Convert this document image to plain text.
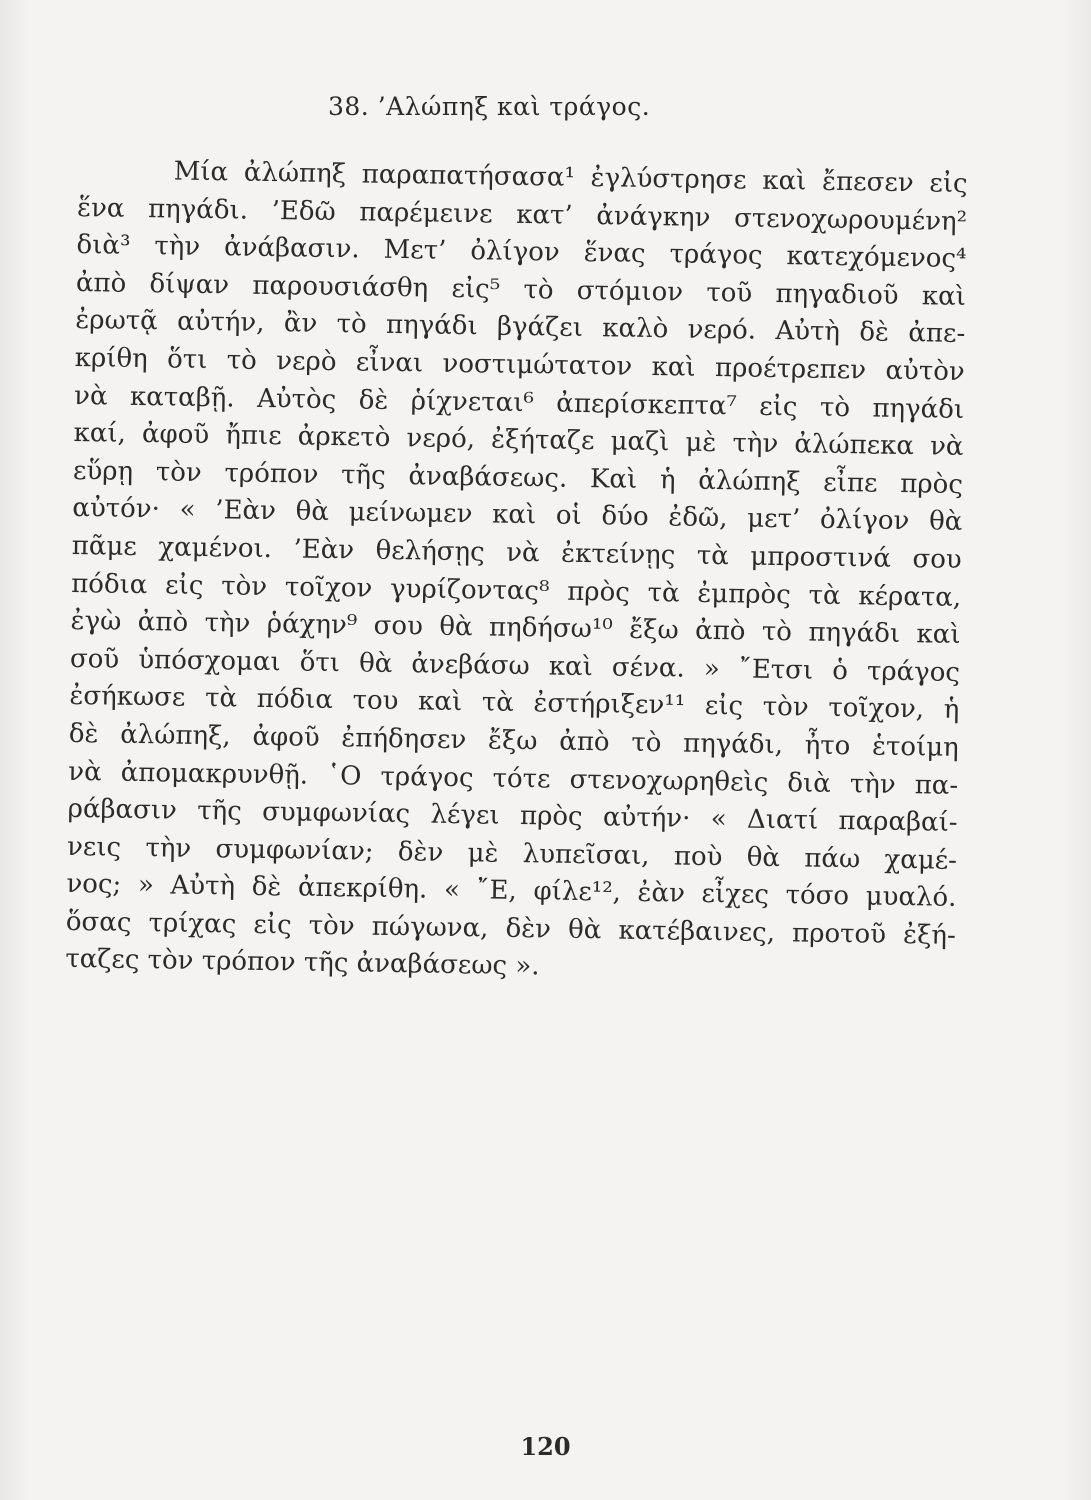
38. ’Αλώπηξ καὶ τράγος.
Μία ἀλώπηξ παραπατήσασα¹ ἐγλύστρησε καὶ ἔπεσεν εἰς
ἕνα πηγάδι. ’Εδῶ παρέμεινε κατ’ ἀνάγκην στενοχωρουμένη²
διὰ³ τὴν ἀνάβασιν. Μετ’ ὀλίγον ἕνας τράγος κατεχόμενος⁴
ἀπὸ δίψαν παρουσιάσθη εἰς⁵ τὸ στόμιον τοῦ πηγαδιοῦ καὶ
ἐρωτᾷ αὐτήν, ἂν τὸ πηγάδι βγάζει καλὸ νερό. Αὐτὴ δὲ ἀπε-
κρίθη ὅτι τὸ νερὸ εἶναι νοστιμώτατον καὶ προέτρεπεν αὐτὸν
νὰ καταβῇ. Αὐτὸς δὲ ῥίχνεται⁶ ἀπερίσκεπτα⁷ εἰς τὸ πηγάδι
καί, ἀφοῦ ἤπιε ἀρκετὸ νερό, ἐξήταζε μαζὶ μὲ τὴν ἀλώπεκα νὰ
εὕρῃ τὸν τρόπον τῆς ἀναβάσεως. Καὶ ἡ ἀλώπηξ εἶπε πρὸς
αὐτόν· « ’Εὰν θὰ μείνωμεν καὶ οἱ δύο ἐδῶ, μετ’ ὀλίγον θὰ
πᾶμε χαμένοι. ’Εὰν θελήσῃς νὰ ἐκτείνῃς τὰ μπροστινά σου
πόδια εἰς τὸν τοῖχον γυρίζοντας⁸ πρὸς τὰ ἐμπρὸς τὰ κέρατα,
ἐγὼ ἀπὸ τὴν ῥάχην⁹ σου θὰ πηδήσω¹⁰ ἔξω ἀπὸ τὸ πηγάδι καὶ
σοῦ ὑπόσχομαι ὅτι θὰ ἀνεβάσω καὶ σένα. » ῎Ετσι ὁ τράγος
ἐσήκωσε τὰ πόδια του καὶ τὰ ἐστήριξεν¹¹ εἰς τὸν τοῖχον, ἡ
δὲ ἀλώπηξ, ἀφοῦ ἐπήδησεν ἔξω ἀπὸ τὸ πηγάδι, ἦτο ἑτοίμη
νὰ ἀπομακρυνθῇ. ῾Ο τράγος τότε στενοχωρηθεὶς διὰ τὴν πα-
ράβασιν τῆς συμφωνίας λέγει πρὸς αὐτήν· « Διατί παραβαί-
νεις τὴν συμφωνίαν; δὲν μὲ λυπεῖσαι, ποὺ θὰ πάω χαμέ-
νος; » Αὐτὴ δὲ ἀπεκρίθη. « ῎Ε, φίλε¹², ἐὰν εἶχες τόσο μυαλό.
ὅσας τρίχας εἰς τὸν πώγωνα, δὲν θὰ κατέβαινες, προτοῦ ἐξή-
ταζες τὸν τρόπον τῆς ἀναβάσεως ».
120
